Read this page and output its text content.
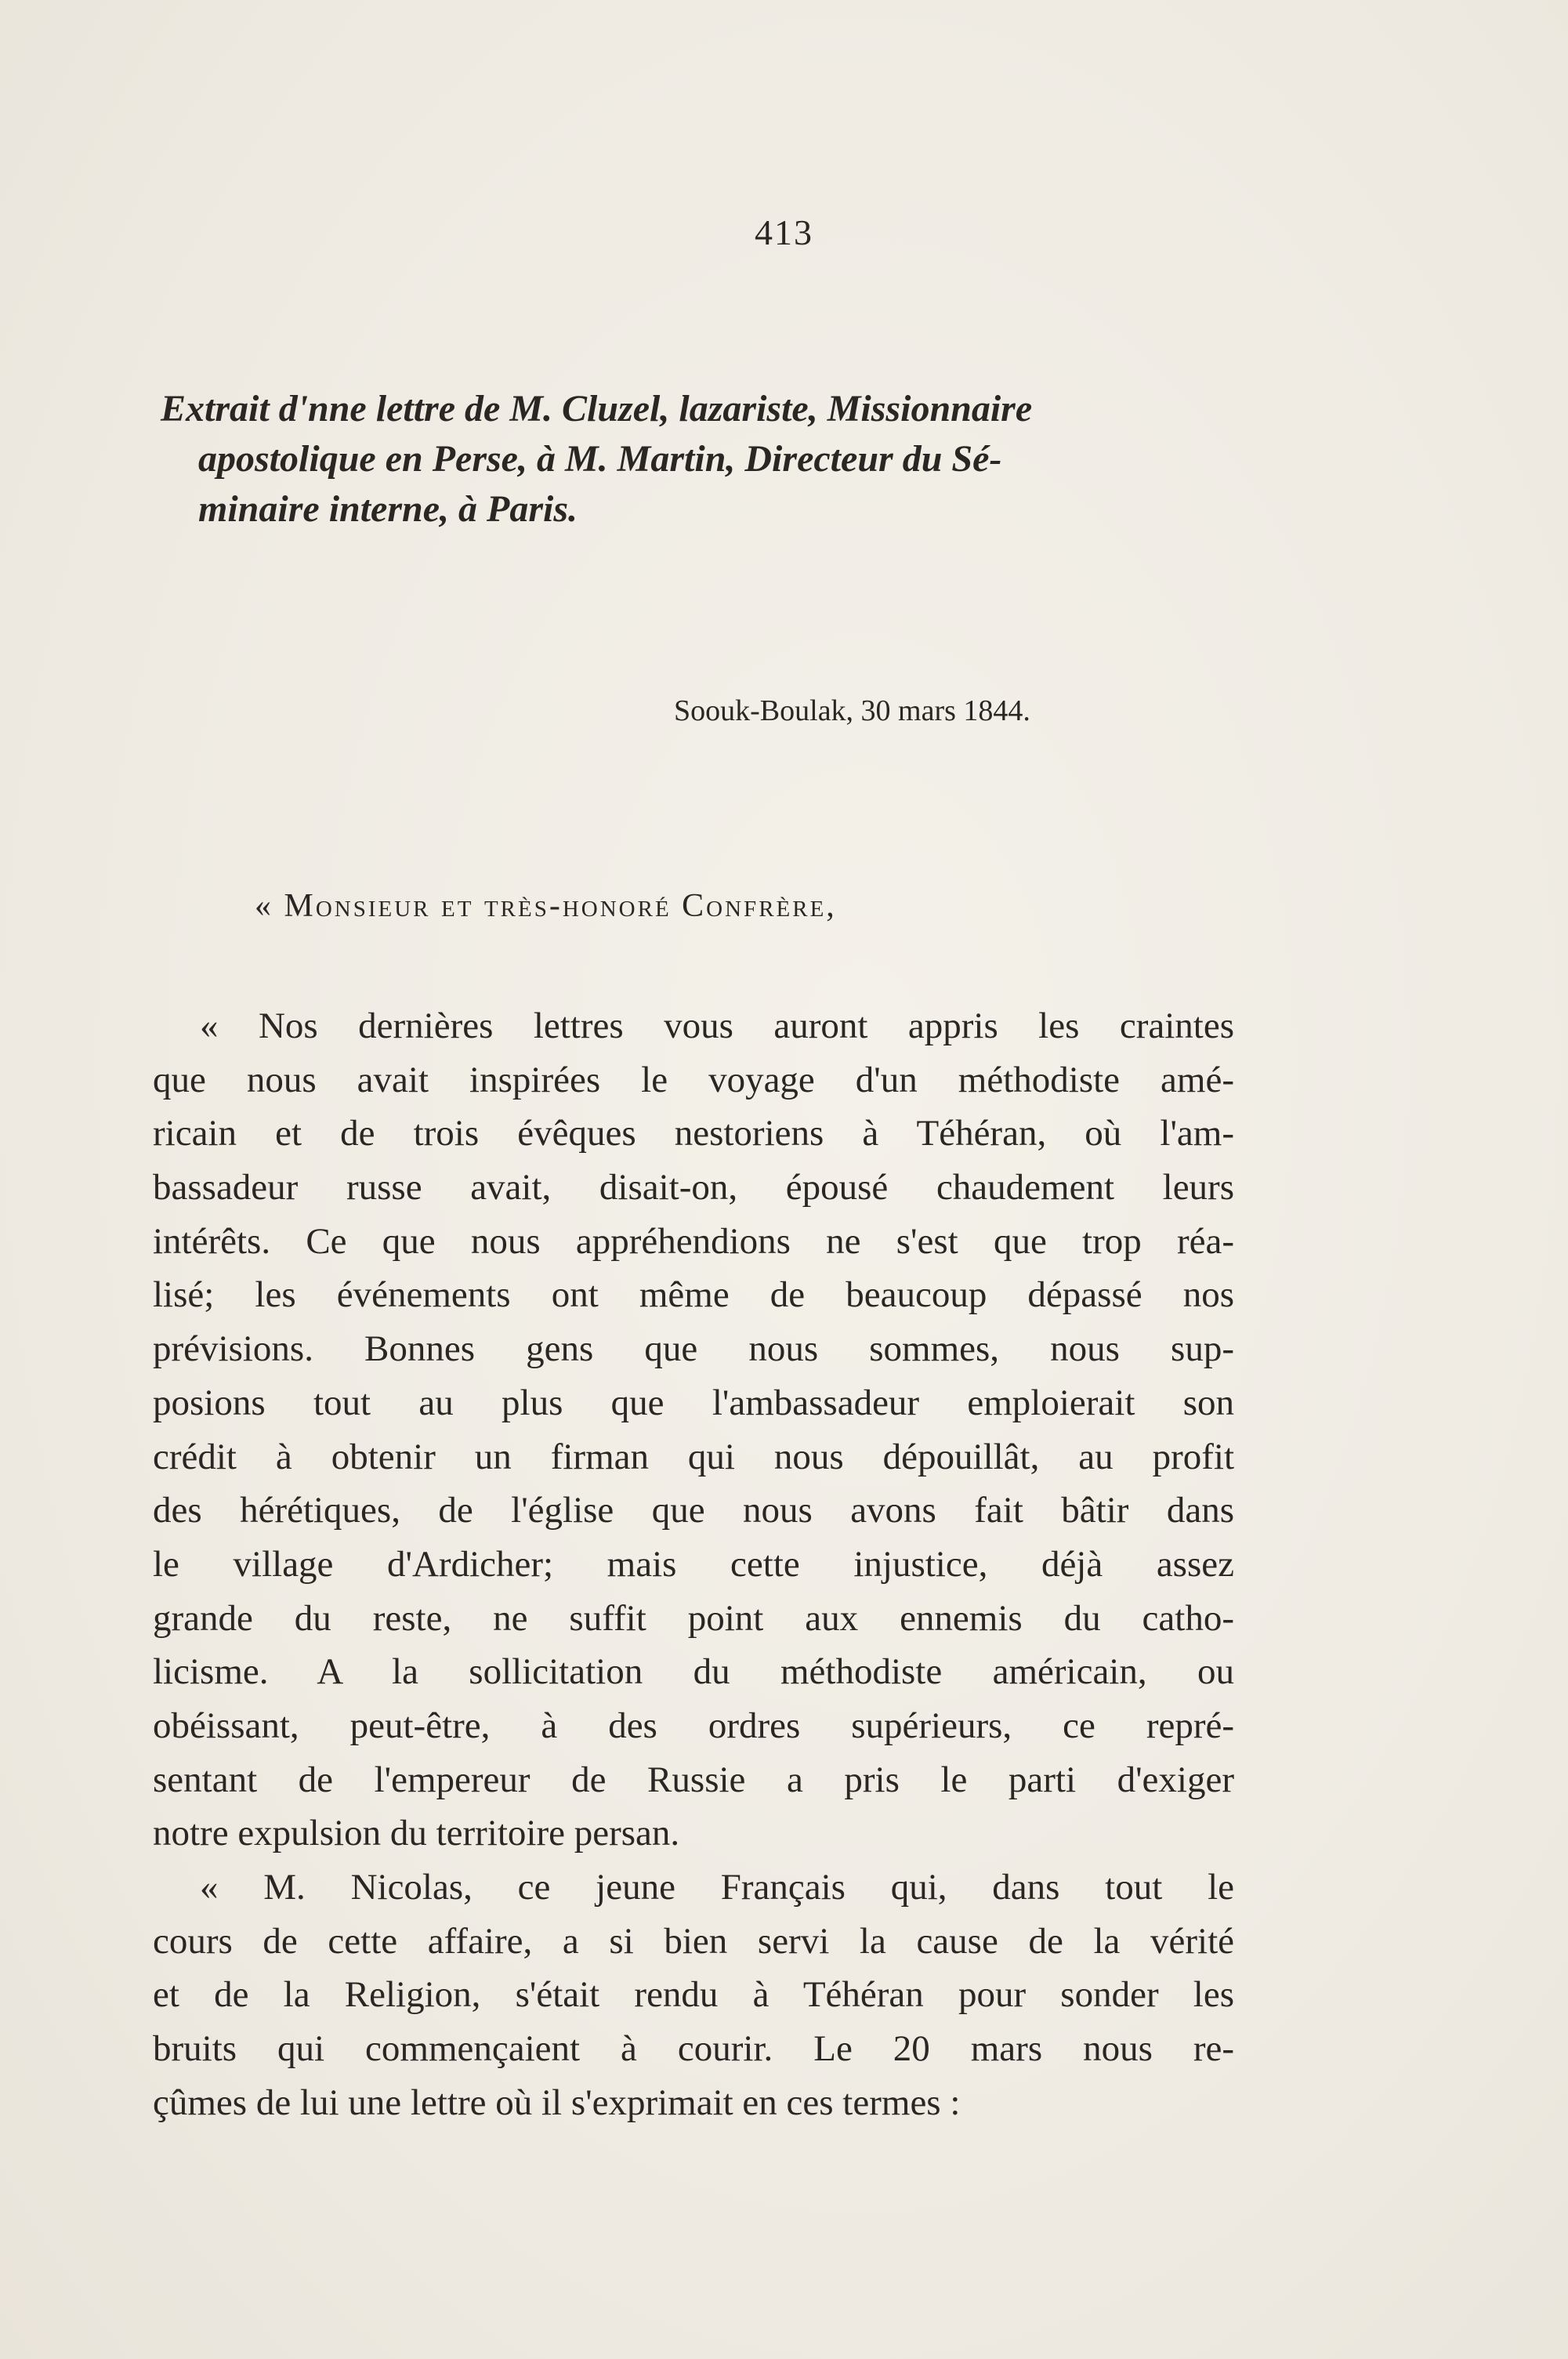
413
Extrait d'nne lettre de M. Cluzel, lazariste, Missionnaire
apostolique en Perse, à M. Martin, Directeur du Sé-
minaire interne, à Paris.
Soouk-Boulak, 30 mars 1844.
« Monsieur et très-honoré Confrère,
« Nos dernières lettres vous auront appris les craintes
que nous avait inspirées le voyage d'un méthodiste amé-
ricain et de trois évêques nestoriens à Téhéran, où l'am-
bassadeur russe avait, disait-on, épousé chaudement leurs
intérêts. Ce que nous appréhendions ne s'est que trop réa-
lisé; les événements ont même de beaucoup dépassé nos
prévisions. Bonnes gens que nous sommes, nous sup-
posions tout au plus que l'ambassadeur emploierait son
crédit à obtenir un firman qui nous dépouillât, au profit
des hérétiques, de l'église que nous avons fait bâtir dans
le village d'Ardicher; mais cette injustice, déjà assez
grande du reste, ne suffit point aux ennemis du catho-
licisme. A la sollicitation du méthodiste américain, ou
obéissant, peut-être, à des ordres supérieurs, ce repré-
sentant de l'empereur de Russie a pris le parti d'exiger
notre expulsion du territoire persan.
« M. Nicolas, ce jeune Français qui, dans tout le
cours de cette affaire, a si bien servi la cause de la vérité
et de la Religion, s'était rendu à Téhéran pour sonder les
bruits qui commençaient à courir. Le 20 mars nous re-
çûmes de lui une lettre où il s'exprimait en ces termes :
